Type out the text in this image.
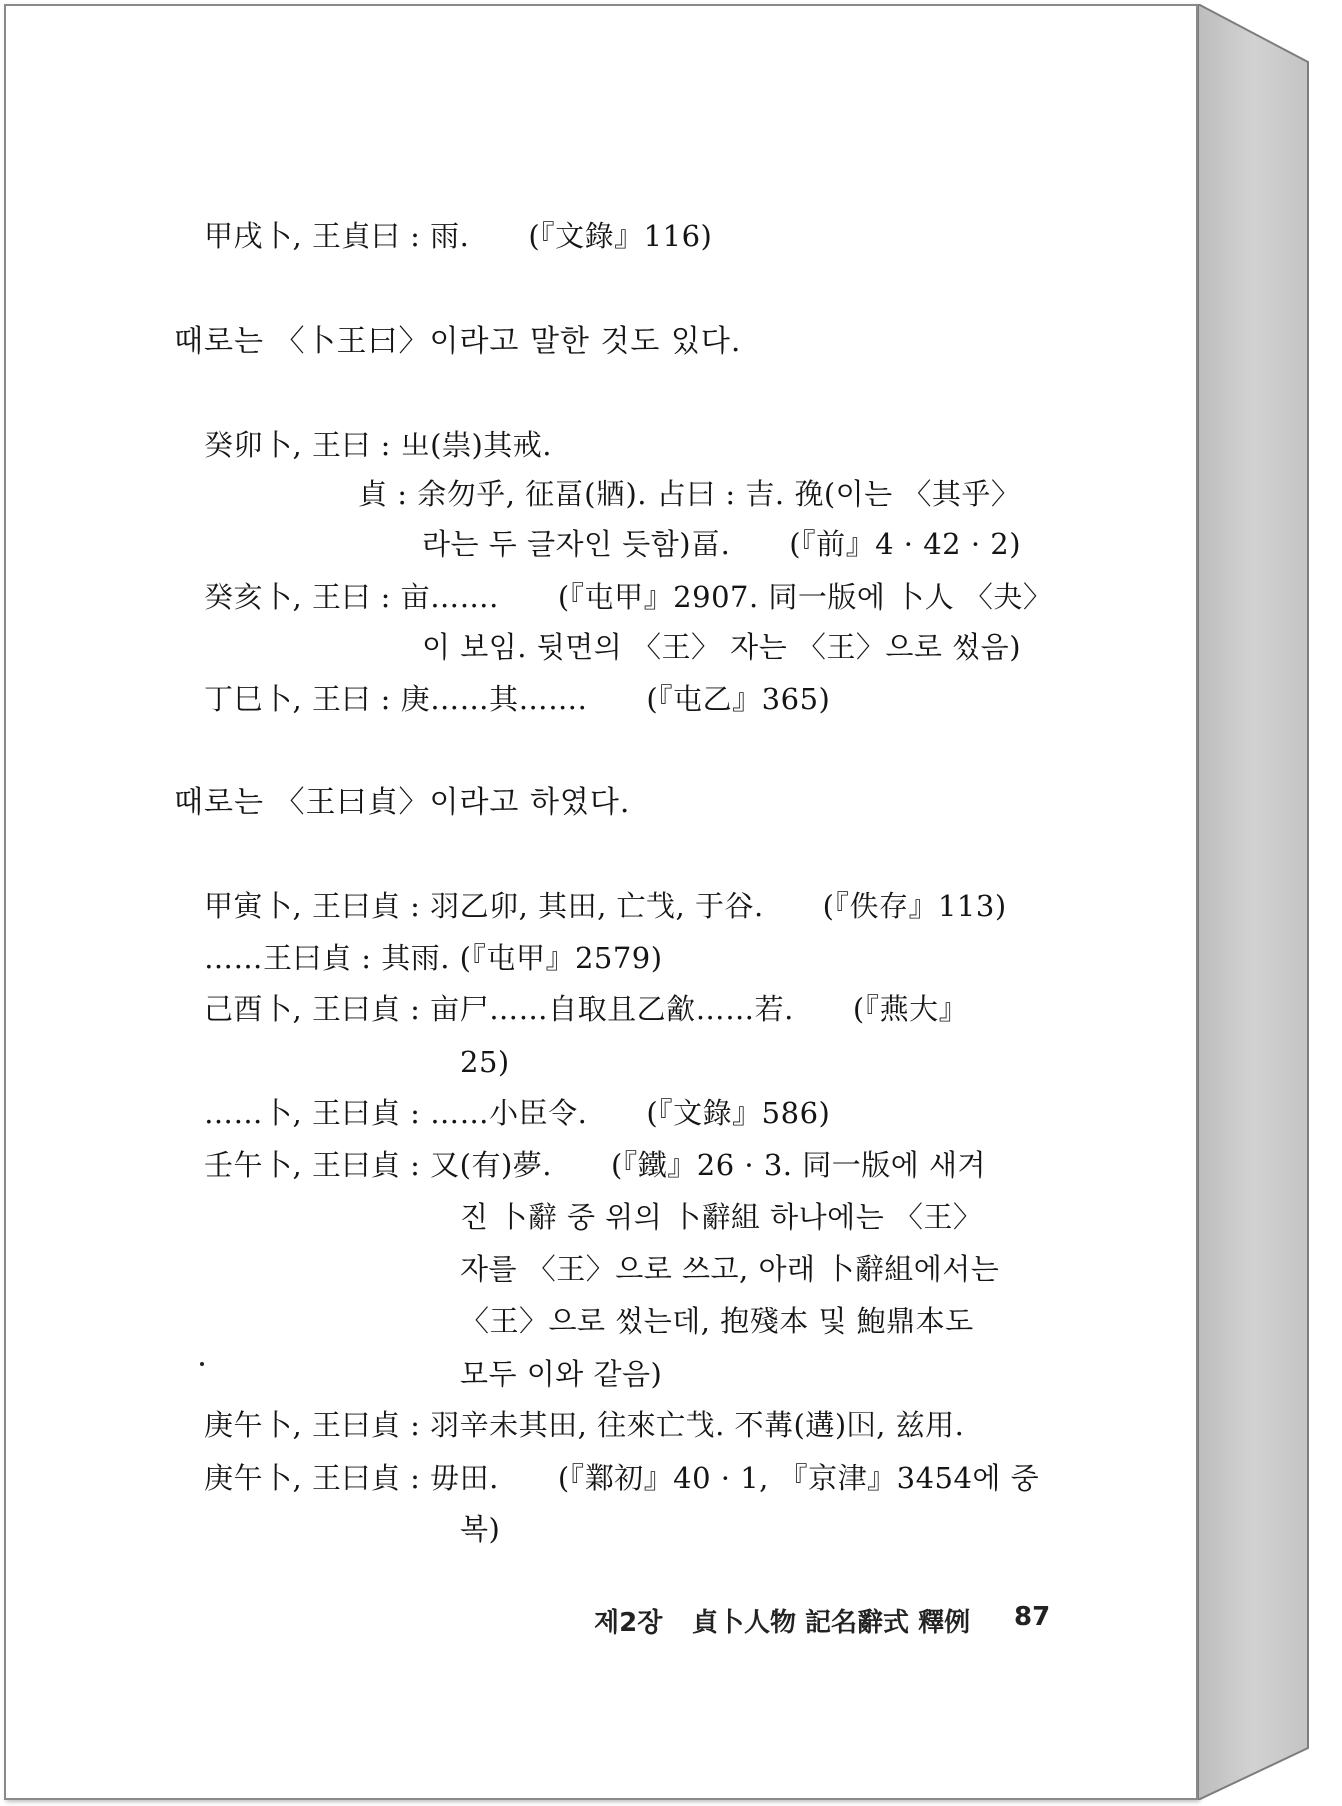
甲戌卜, 王貞曰 : 雨.　　(『文錄』116)
때로는 〈卜王曰〉이라고 말한 것도 있다.
癸卯卜, 王曰 : 㞢(祟)其戒.
貞 : 余勿乎, 征畐(𨟻). 占曰 : 吉. 㝃(이는 〈其乎〉
라는 두 글자인 듯함)畐.　　(『前』4 · 42 · 2)
癸亥卜, 王曰 : 亩…….　　(『屯甲』2907. 同一版에 卜人 〈夬〉
이 보임. 뒷면의 〈王〉 자는 〈王〉으로 썼음)
丁巳卜, 王曰 : 庚……其…….　　(『屯乙』365)
때로는 〈王曰貞〉이라고 하였다.
甲寅卜, 王曰貞 : 羽乙卯, 其田, 亡𢦏, 于谷.　　(『佚存』113)
……王曰貞 : 其雨. (『屯甲』2579)
己酉卜, 王曰貞 : 亩尸……自取且乙㱃……若.　　(『燕大』
25)
……卜, 王曰貞 : ……小臣令.　　(『文錄』586)
壬午卜, 王曰貞 : 又(有)夢.　　(『鐵』26 · 3. 同一版에 새겨
진 卜辭 중 위의 卜辭組 하나에는 〈王〉
자를 〈王〉으로 쓰고, 아래 卜辭組에서는
〈王〉으로 썼는데, 抱殘本 및 鮑鼎本도
모두 이와 같음)
庚午卜, 王曰貞 : 羽辛未其田, 往來亡𢦏. 不冓(遘)𡆥, 兹用.
庚午卜, 王曰貞 : 毋田.　　(『鄴初』40 · 1, 『京津』3454에 중
복)
제2장 貞卜人物 記名辭式 釋例 87
